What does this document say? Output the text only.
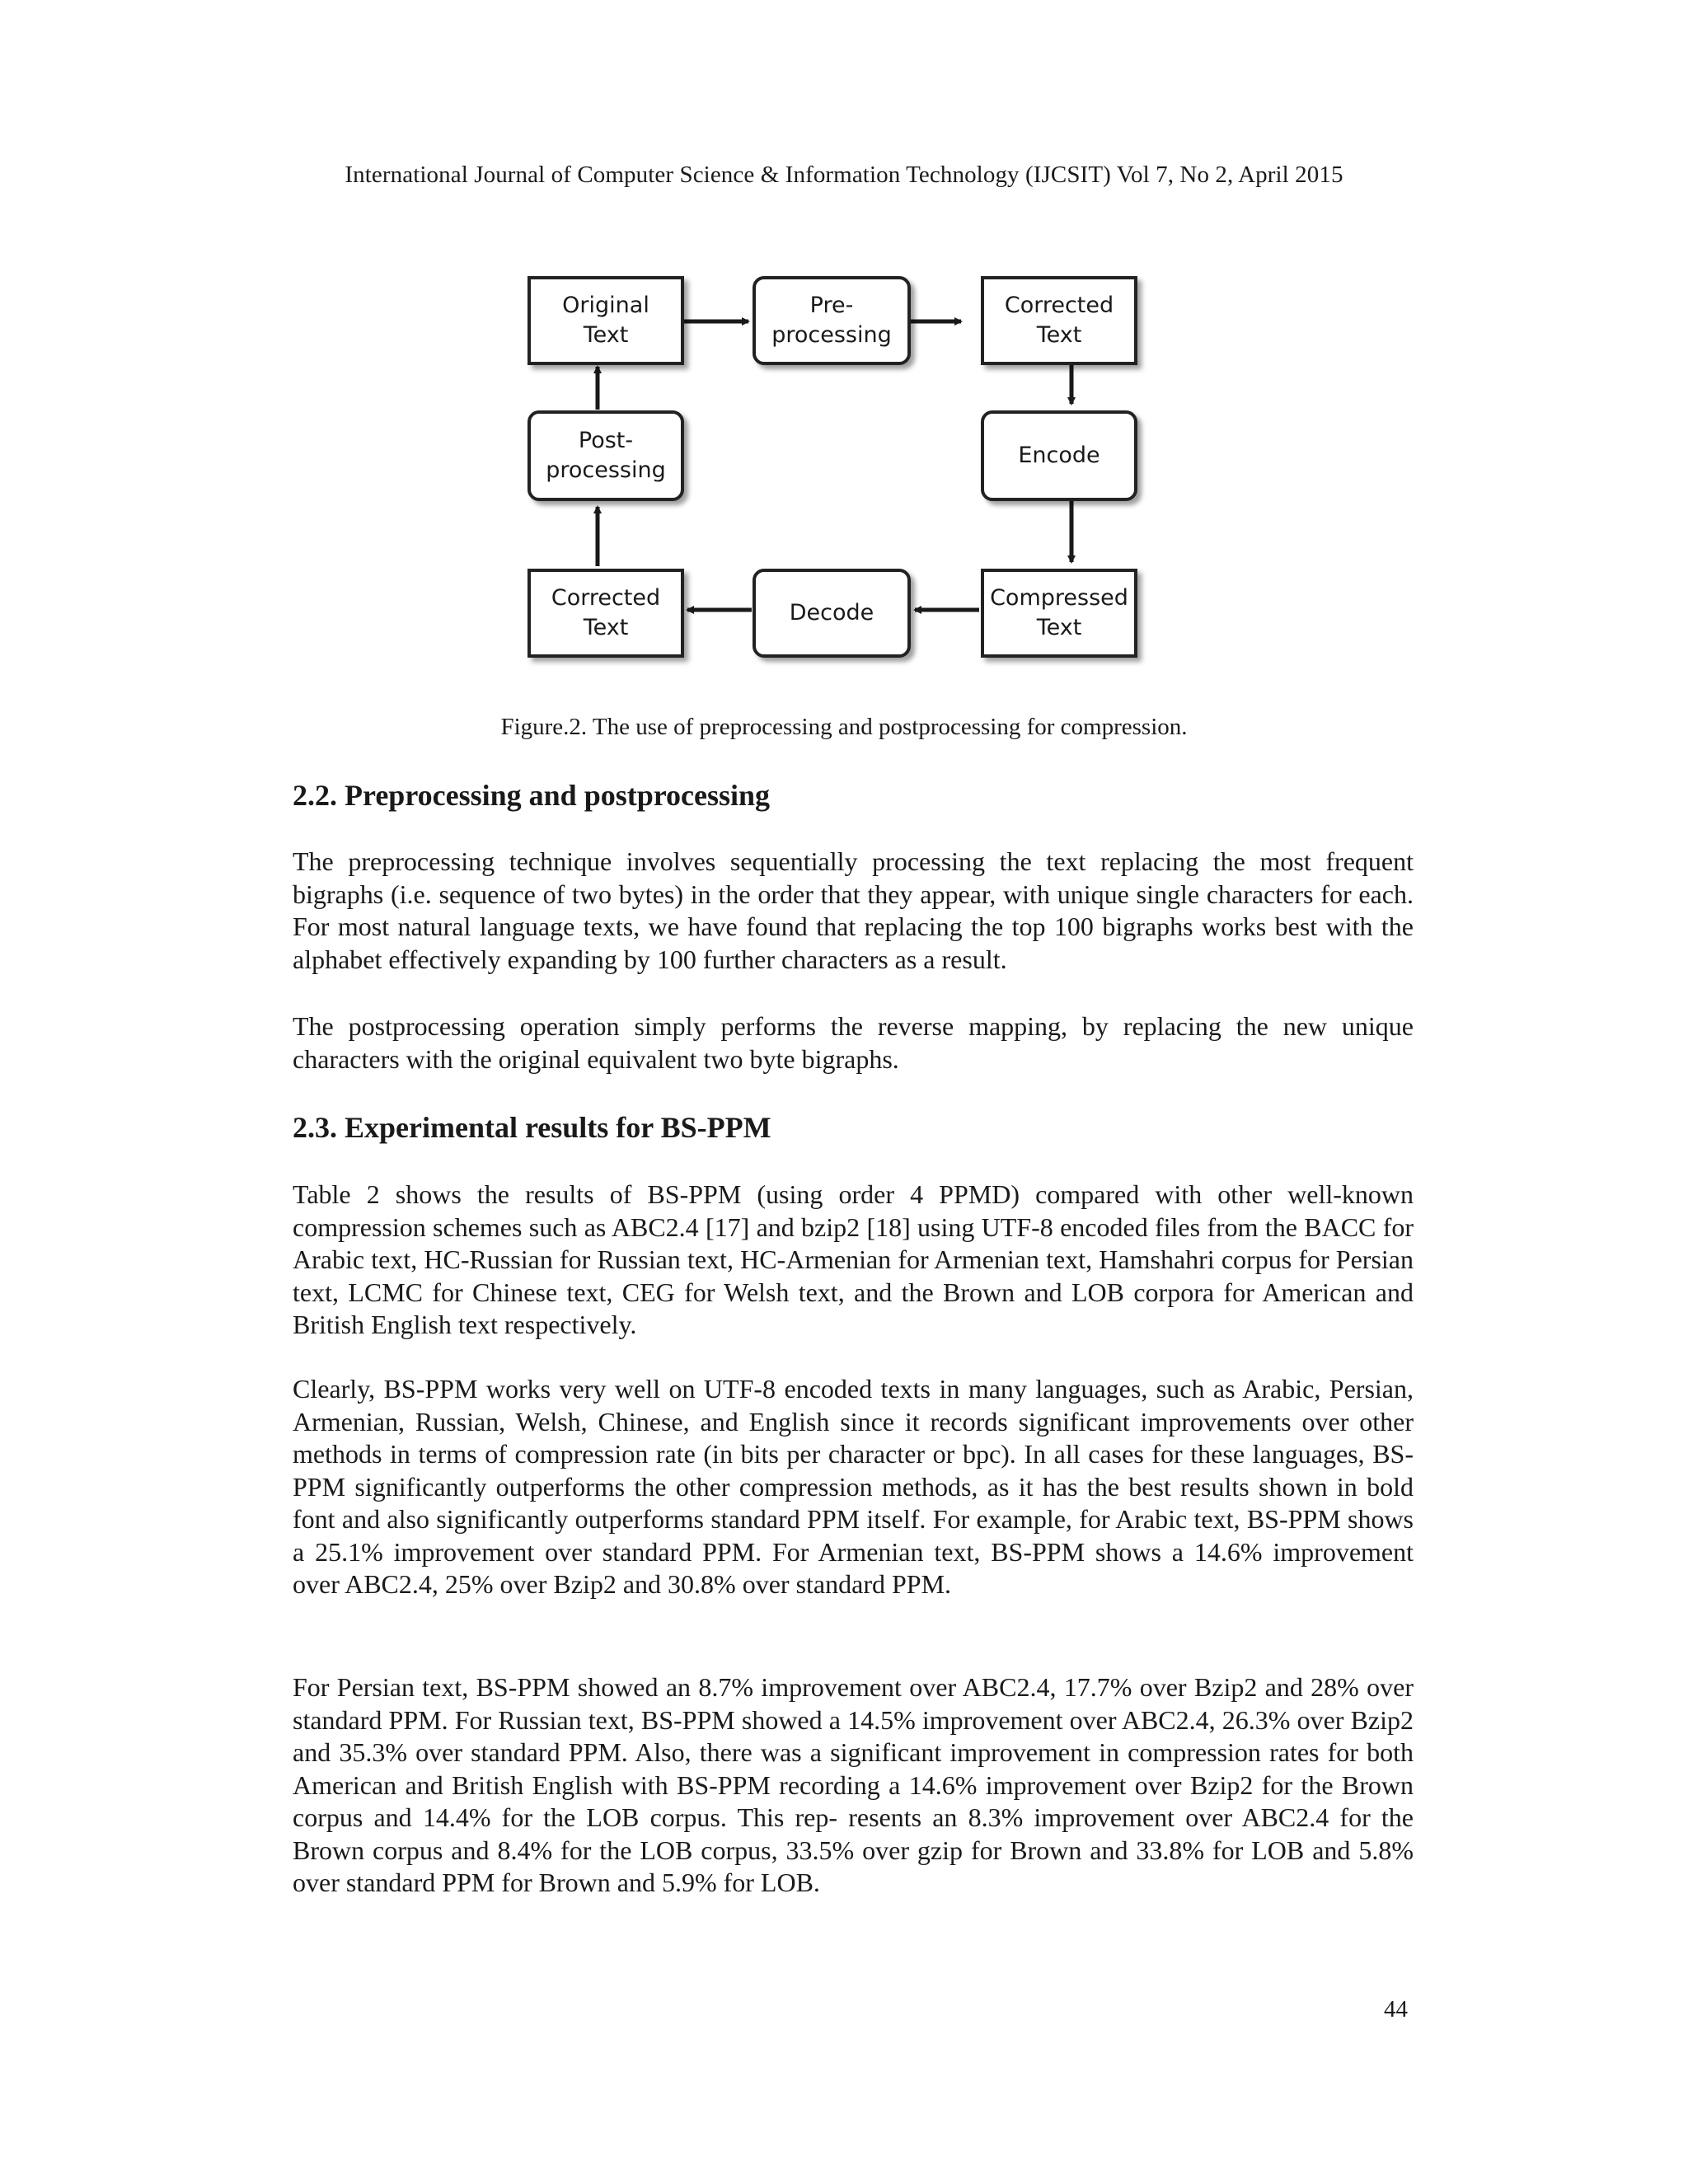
International Journal of Computer Science & Information Technology (IJCSIT) Vol 7, No 2, April 2015
Original
Text
Pre-
processing
Corrected
Text
Post-
processing
Encode
Corrected
Text
Decode
Compressed
Text
Figure.2. The use of preprocessing and postprocessing for compression.
2.2. Preprocessing and postprocessing
The preprocessing technique involves sequentially processing the text replacing the most frequent bigraphs (i.e. sequence of two bytes) in the order that they appear, with unique single characters for each. For most natural language texts, we have found that replacing the top 100 bigraphs works best with the alphabet effectively expanding by 100 further characters as a result.
The postprocessing operation simply performs the reverse mapping, by replacing the new unique characters with the original equivalent two byte bigraphs.
2.3. Experimental results for BS-PPM
Table 2 shows the results of BS-PPM (using order 4 PPMD) compared with other well-known compression schemes such as ABC2.4 [17] and bzip2 [18] using UTF-8 encoded files from the BACC for Arabic text, HC-Russian for Russian text, HC-Armenian for Armenian text, Hamshahri corpus for Persian text, LCMC for Chinese text, CEG for Welsh text, and the Brown and LOB corpora for American and British English text respectively.
Clearly, BS-PPM works very well on UTF-8 encoded texts in many languages, such as Arabic, Persian, Armenian, Russian, Welsh, Chinese, and English since it records significant improvements over other methods in terms of compression rate (in bits per character or bpc). In all cases for these languages, BS-PPM significantly outperforms the other compression methods, as it has the best results shown in bold font and also significantly outperforms standard PPM itself. For example, for Arabic text, BS-PPM shows a 25.1% improvement over standard PPM. For Armenian text, BS-PPM shows a 14.6% improvement over ABC2.4, 25% over Bzip2 and 30.8% over standard PPM.
For Persian text, BS-PPM showed an 8.7% improvement over ABC2.4, 17.7% over Bzip2 and 28% over standard PPM. For Russian text, BS-PPM showed a 14.5% improvement over ABC2.4, 26.3% over Bzip2 and 35.3% over standard PPM. Also, there was a significant improvement in compression rates for both American and British English with BS-PPM recording a 14.6% improvement over Bzip2 for the Brown corpus and 14.4% for the LOB corpus. This rep- resents an 8.3% improvement over ABC2.4 for the Brown corpus and 8.4% for the LOB corpus, 33.5% over gzip for Brown and 33.8% for LOB and 5.8% over standard PPM for Brown and 5.9% for LOB.
44
